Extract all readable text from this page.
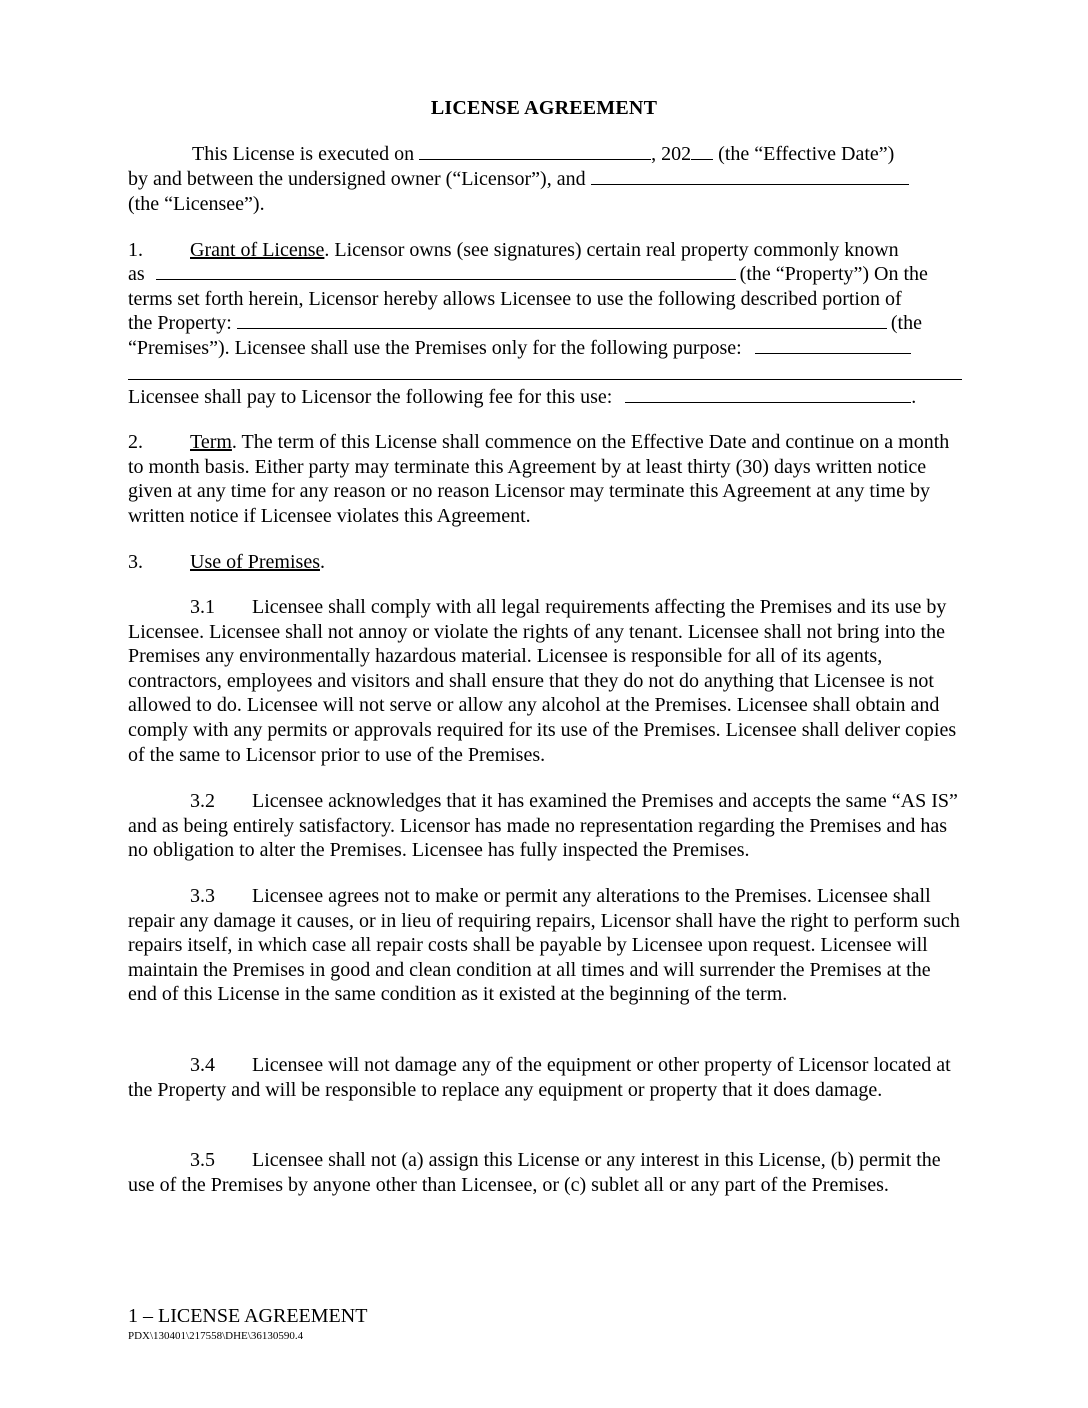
LICENSE AGREEMENT
This License is executed on	, 202 (the “Effective Date”)
by and between the undersigned owner (“Licensor”), and
(the “Licensee”).
1. Grant of License. Licensor owns (see signatures) certain real property commonly known
as	(the “Property”) On the
terms set forth herein, Licensor hereby allows Licensee to use the following described portion of
the Property:	(the
“Premises”). Licensee shall use the Premises only for the following purpose:
Licensee shall pay to Licensor the following fee for this use:	.
2. Term. The term of this License shall commence on the Effective Date and continue on a month to month basis. Either party may terminate this Agreement by at least thirty (30) days written notice given at any time for any reason or no reason Licensor may terminate this Agreement at any time by written notice if Licensee violates this Agreement.
3. Use of Premises.
3.1 Licensee shall comply with all legal requirements affecting the Premises and its use by Licensee. Licensee shall not annoy or violate the rights of any tenant. Licensee shall not bring into the Premises any environmentally hazardous material. Licensee is responsible for all of its agents, contractors, employees and visitors and shall ensure that they do not do anything that Licensee is not allowed to do. Licensee will not serve or allow any alcohol at the Premises. Licensee shall obtain and comply with any permits or approvals required for its use of the Premises. Licensee shall deliver copies of the same to Licensor prior to use of the Premises.
3.2 Licensee acknowledges that it has examined the Premises and accepts the same “AS IS” and as being entirely satisfactory. Licensor has made no representation regarding the Premises and has no obligation to alter the Premises. Licensee has fully inspected the Premises.
3.3 Licensee agrees not to make or permit any alterations to the Premises. Licensee shall repair any damage it causes, or in lieu of requiring repairs, Licensor shall have the right to perform such repairs itself, in which case all repair costs shall be payable by Licensee upon request. Licensee will maintain the Premises in good and clean condition at all times and will surrender the Premises at the end of this License in the same condition as it existed at the beginning of the term.
3.4 Licensee will not damage any of the equipment or other property of Licensor located at the Property and will be responsible to replace any equipment or property that it does damage.
3.5 Licensee shall not (a) assign this License or any interest in this License, (b) permit the use of the Premises by anyone other than Licensee, or (c) sublet all or any part of the Premises.
1 – LICENSE AGREEMENT
PDX\130401\217558\DHE\36130590.4
